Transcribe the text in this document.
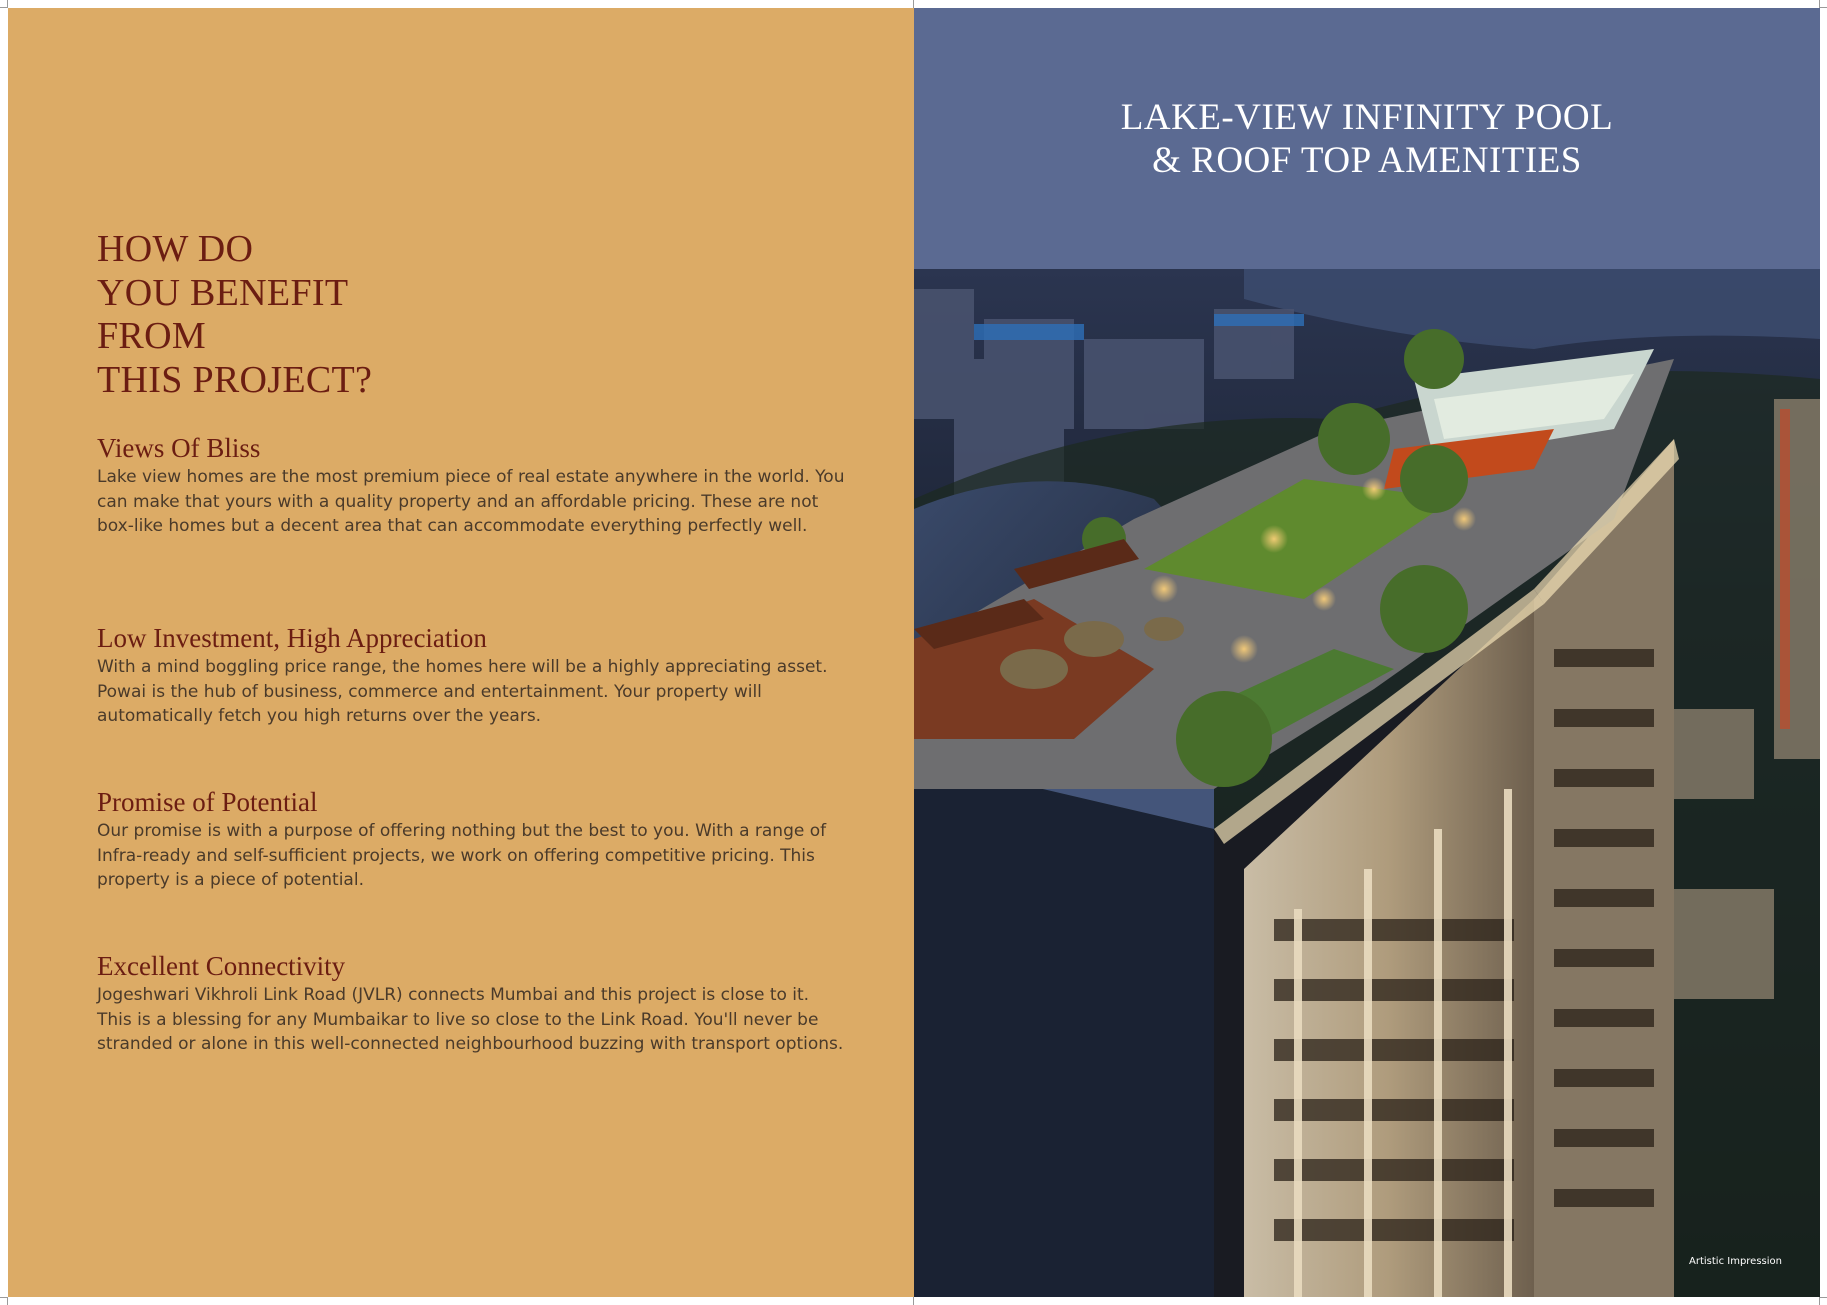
HOW DO
YOU BENEFIT
FROM
THIS PROJECT?
Views Of Bliss

Lake view homes are the most premium piece of real estate anywhere in the world. You can make that yours with a quality property and an affordable pricing. These are not box-like homes but a decent area that can accommodate everything perfectly well.

Low Investment, High Appreciation

With a mind boggling price range, the homes here will be a highly appreciating asset. Powai is the hub of business, commerce and entertainment. Your property will automatically fetch you high returns over the years.

Promise of Potential

Our promise is with a purpose of offering nothing but the best to you. With a range of Infra-ready and self-sufficient projects, we work on offering competitive pricing. This property is a piece of potential.

Excellent Connectivity

Jogeshwari Vikhroli Link Road (JVLR) connects Mumbai and this project is close to it. This is a blessing for any Mumbaikar to live so close to the Link Road. You'll never be stranded or alone in this well-connected neighbourhood buzzing with transport options.

LAKE-VIEW INFINITY POOL
& ROOF TOP AMENITIES

Artistic Impression
